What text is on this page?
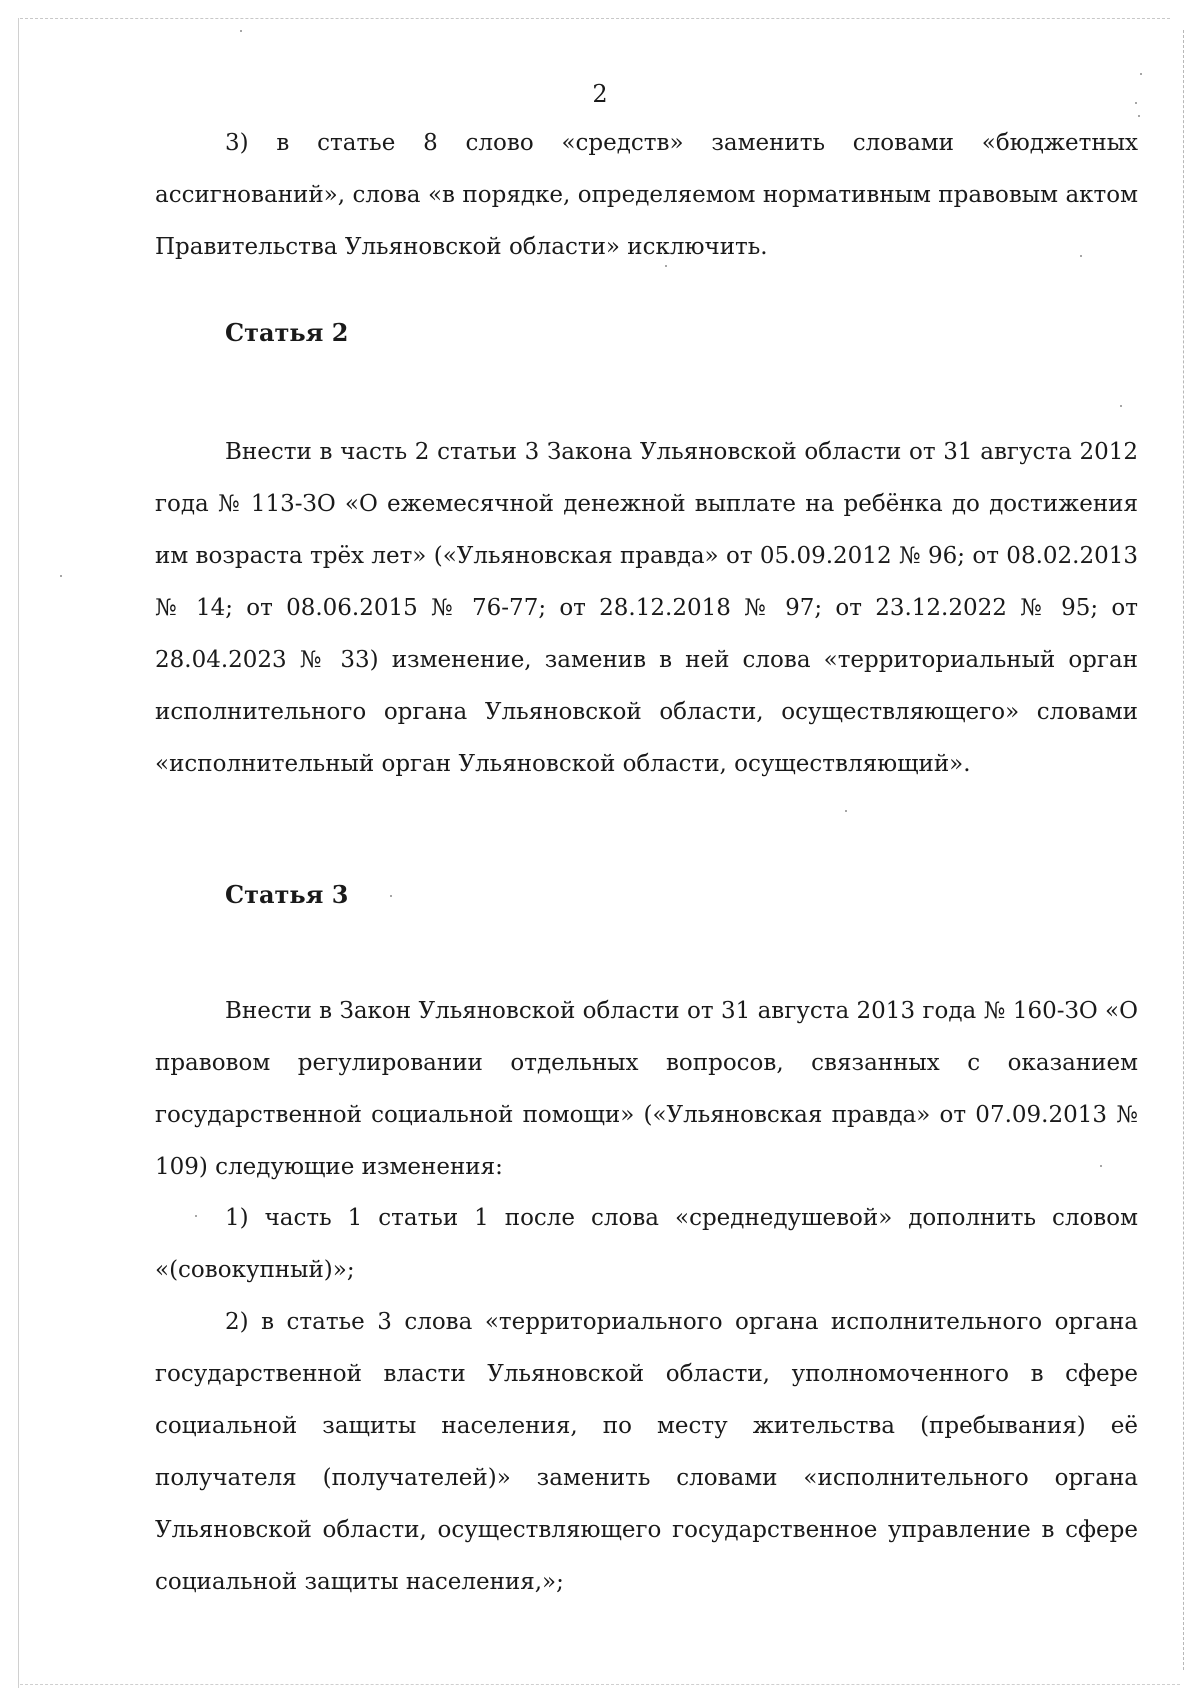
2

3) в статье 8 слово «средств» заменить словами «бюджетных ассигнований», слова «в порядке, определяемом нормативным правовым актом Правительства Ульяновской области» исключить.

Статья 2

Внести в часть 2 статьи 3 Закона Ульяновской области от 31 августа 2012 года № 113-ЗО «О ежемесячной денежной выплате на ребёнка до достижения им возраста трёх лет» («Ульяновская правда» от 05.09.2012 № 96; от 08.02.2013 № 14; от 08.06.2015 № 76-77; от 28.12.2018 № 97; от 23.12.2022 № 95; от 28.04.2023 № 33) изменение, заменив в ней слова «территориальный орган исполнительного органа Ульяновской области, осуществляющего» словами «исполнительный орган Ульяновской области, осуществляющий».

Статья 3

Внести в Закон Ульяновской области от 31 августа 2013 года № 160-ЗО «О правовом регулировании отдельных вопросов, связанных с оказанием государственной социальной помощи» («Ульяновская правда» от 07.09.2013 № 109) следующие изменения:

1) часть 1 статьи 1 после слова «среднедушевой» дополнить словом «(совокупный)»;

2) в статье 3 слова «территориального органа исполнительного органа государственной власти Ульяновской области, уполномоченного в сфере социальной защиты населения, по месту жительства (пребывания) её получателя (получателей)» заменить словами «исполнительного органа Ульяновской области, осуществляющего государственное управление в сфере социальной защиты населения,»;
